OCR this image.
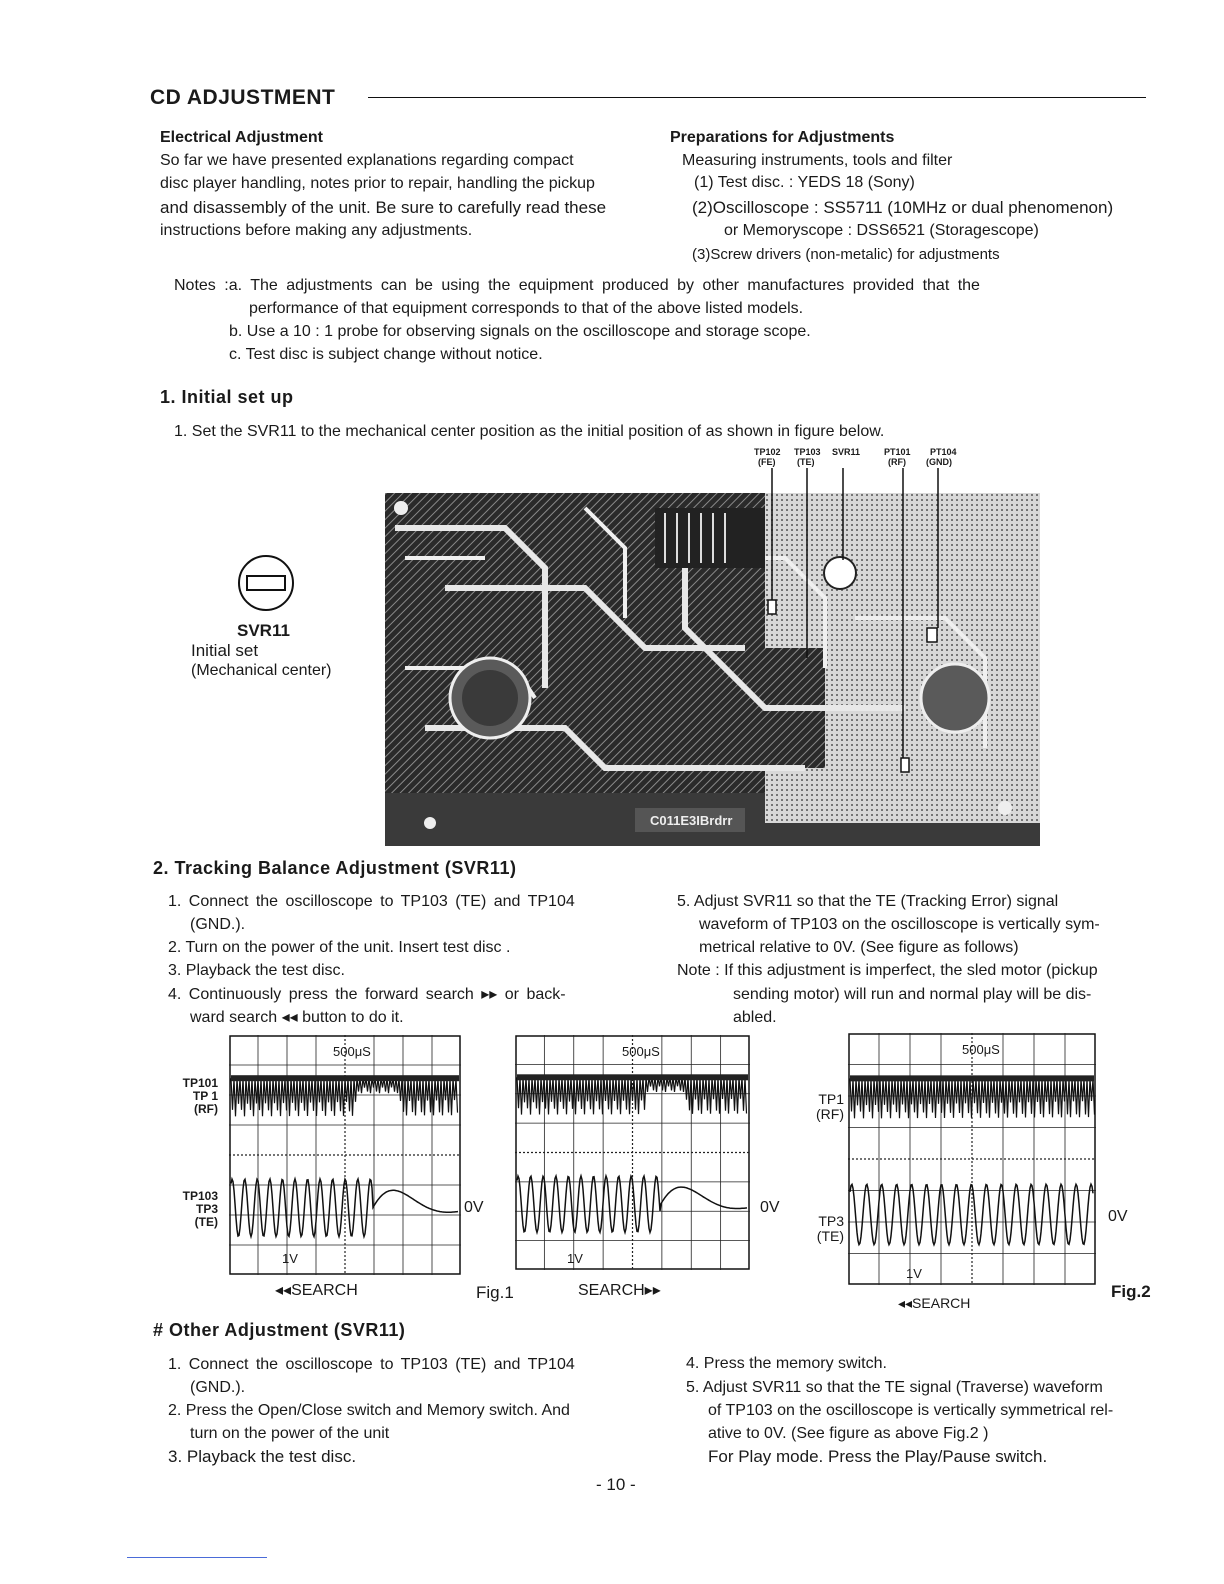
CD ADJUSTMENT
Electrical Adjustment
So far we have presented explanations regarding compact
disc player handling, notes prior to repair, handling the pickup
and disassembly of the unit. Be sure to carefully read these
instructions before making any adjustments.
Preparations for Adjustments
Measuring instruments, tools and filter
(1) Test disc. : YEDS 18 (Sony)
(2)Oscilloscope : SS5711 (10MHz or dual phenomenon)
or Memoryscope : DSS6521 (Storagescope)
(3)Screw drivers (non-metalic) for adjustments
Notes :a. The adjustments can be using the equipment produced by other manufactures provided that the
performance of that equipment corresponds to that of the above listed models.
b. Use a 10 : 1 probe for observing signals on the oscilloscope and storage scope.
c. Test disc is subject change without notice.
1. Initial set up
1. Set the SVR11 to the mechanical center position as the initial position of as shown in figure below.
TP102
(FE)
TP103
(TE)
SVR11	PT101
(RF)
PT104
(GND)
C011E3IBrdrr
SVR11
Initial set
(Mechanical center)
2. Tracking Balance Adjustment (SVR11)
1. Connect the oscilloscope to TP103 (TE) and TP104
(GND.).
2. Turn on the power of the unit. Insert test disc .
3. Playback the test disc.
4. Continuously press the forward search ▸▸ or back-
ward search ◂◂ button to do it.
5. Adjust SVR11 so that the TE (Tracking Error) signal
waveform of TP103 on the oscilloscope is vertically sym-
metrical relative to 0V. (See figure as follows)
Note : If this adjustment is imperfect, the sled motor (pickup
sending motor) will run and normal play will be dis-
abled.
TP101
TP 1
(RF)
TP103
TP3
(TE)
500μS
1V
0V
◂◂SEARCH	Fig.1
500μS
1V
0V
SEARCH▸▸
TP1
(RF)
TP3
(TE)
500μS
1V
0V
◂◂SEARCH
Fig.2
# Other Adjustment (SVR11)
1. Connect the oscilloscope to TP103 (TE) and TP104
(GND.).
2. Press the Open/Close switch and Memory switch. And
turn on the power of the unit
3. Playback the test disc.
4. Press the memory switch.
5. Adjust SVR11 so that the TE signal (Traverse) waveform
of TP103 on the oscilloscope is vertically symmetrical rel-
ative to 0V. (See figure as above Fig.2 )
For Play mode. Press the Play/Pause switch.
- 10 -
